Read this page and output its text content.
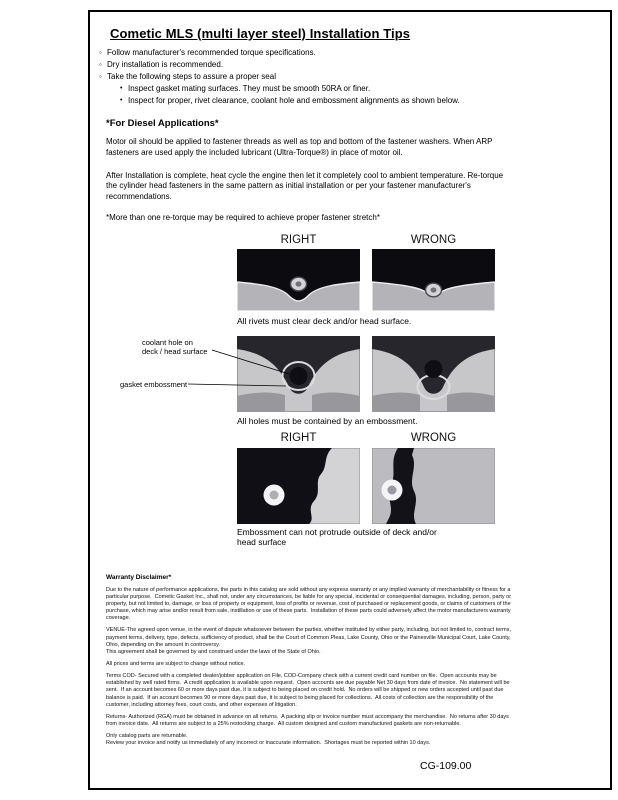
Cometic MLS (multi layer steel) Installation Tips
◦ Follow manufacturer's recommended torque specifications.
◦ Dry installation is recommended.
◦ Take the following steps to assure a proper seal
• Inspect gasket mating surfaces. They must be smooth 50RA or finer.
• Inspect for proper, rivet clearance, coolant hole and embossment alignments as shown below.
*For Diesel Applications*

Motor oil should be applied to fastener threads as well as top and bottom of the fastener washers. When ARP fasteners are used apply the included lubricant (Ultra-Torque®) in place of motor oil.

After Installation is complete, heat cycle the engine then let it completely cool to ambient temperature. Re-torque the cylinder head fasteners in the same pattern as initial installation or per your fastener manufacturer's recommendations.

*More than one re-torque may be required to achieve proper fastener stretch*

RIGHT	WRONG
All rivets must clear deck and/or head surface.
coolant hole on
deck / head surface
gasket embossment
All holes must be contained by an embossment.
RIGHT	WRONG
Embossment can not protrude outside of deck and/or head surface
Warranty Disclaimer*

Due to the nature of performance applications, the parts in this catalog are sold without any express warranty or any implied warranty of merchantability or fitness for a particular purpose.  Cometic Gasket Inc., shall not, under any circumstances, be liable for any special, incidental or consequential damages, including, person, party or property, but not limited to, damage, or loss of property or equipment, loss of profits or revenue, cost of purchased or replacement goods, or claims of customers of the purchase, which may arise and/or result from sale, instillation or use of these parts.  Installation of these parts could adversely affect the motor manufacturers warranty coverage.

VENUE-The agreed upon venue, in the event of dispute whatsoever between the parties, whether instituted by either party, including, but not limited to, contract terms, payment terms, delivery, type, defects, sufficiency of product, shall be the Court of Common Pleas, Lake County, Ohio or the Painesville Municipal Court, Lake County, Ohio, depending on the amount in controversy.

This agreement shall be governed by and construed under the laws of the State of Ohio.

All prices and terms are subject to change without notice.

Terms COD- Secured with a completed dealer/jobber application on File, COD-Company check with a current credit card number on file.  Open accounts may be established by well rated firms.  A credit application is available upon request.  Open accounts are due payable Net 30 days from date of invoice.  No statement will be sent.  If an account becomes 60 or more days past due, it is subject to being placed on credit hold.  No orders will be shipped or new orders accepted until past due balance is paid.  If an account becomes 90 or more days past due, it is subject to being placed for collections.  All costs of collection are the responsibility of the customer, including attorney fees, court costs, and other expenses of litigation.

Returns- Authorized (RGA) must be obtained in advance on all returns.  A packing slip or invoice number must accompany the merchandise.  No returns after 30 days from invoice date.  All returns are subject to a 25% restocking charge.  All custom designed and custom manufactured gaskets are non-returnable.

Only catalog parts are returnable.

Review your invoice and notify us immediately of any incorrect or inaccurate information.  Shortages must be reported within 10 days.

CG-109.00
